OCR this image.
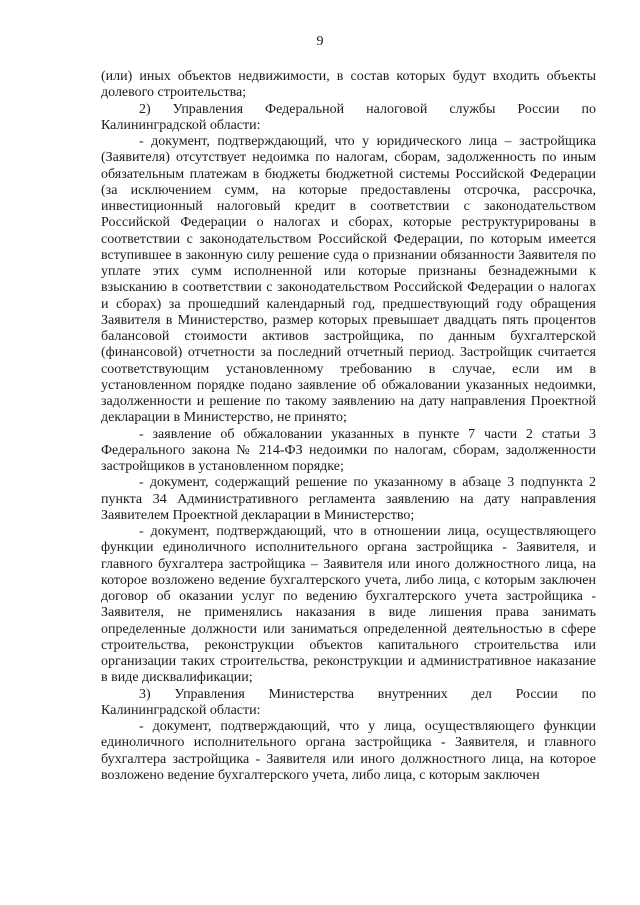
9

(или) иных объектов недвижимости, в состав которых будут входить объекты долевого строительства;

2)    Управления    Федеральной    налоговой    службы    России    по Калининградской области:

- документ, подтверждающий, что у юридического лица – застройщика (Заявителя) отсутствует недоимка по налогам, сборам, задолженность по иным обязательным платежам в бюджеты бюджетной системы Российской Федерации (за исключением сумм, на которые предоставлены отсрочка, рассрочка, инвестиционный налоговый кредит в соответствии с законодательством Российской Федерации о налогах и сборах, которые реструктурированы в соответствии с законодательством Российской Федерации, по которым имеется вступившее в законную силу решение суда о признании обязанности Заявителя по уплате этих сумм исполненной или которые признаны безнадежными к взысканию в соответствии с законодательством Российской Федерации о налогах и сборах) за прошедший календарный год, предшествующий году обращения Заявителя в Министерство, размер которых превышает двадцать пять процентов балансовой стоимости активов застройщика, по данным бухгалтерской (финансовой) отчетности за последний отчетный период. Застройщик считается соответствующим установленному требованию в случае, если им в установленном порядке подано заявление об обжаловании указанных недоимки, задолженности и решение по такому заявлению на дату направления Проектной декларации в Министерство, не принято;

- заявление об обжаловании указанных в пункте 7 части 2 статьи 3 Федерального закона № 214-ФЗ недоимки по налогам, сборам, задолженности застройщиков в установленном порядке;

- документ, содержащий решение по указанному в абзаце 3 подпункта 2 пункта 34 Административного регламента заявлению на дату направления Заявителем Проектной декларации в Министерство;

- документ, подтверждающий, что в отношении лица, осуществляющего функции единоличного исполнительного органа застройщика - Заявителя, и главного бухгалтера застройщика – Заявителя или иного должностного лица, на которое возложено ведение бухгалтерского учета, либо лица, с которым заключен договор об оказании услуг по ведению бухгалтерского учета застройщика - Заявителя, не применялись наказания в виде лишения права занимать определенные должности или заниматься определенной деятельностью в сфере строительства, реконструкции объектов капитального строительства или организации таких строительства, реконструкции и административное наказание в виде дисквалификации;

3)     Управления     Министерства     внутренних     дел     России     по Калининградской области:

- документ, подтверждающий, что у лица, осуществляющего функции единоличного исполнительного органа застройщика - Заявителя, и главного бухгалтера застройщика - Заявителя или иного должностного лица, на которое возложено ведение бухгалтерского учета, либо лица, с которым заключен
